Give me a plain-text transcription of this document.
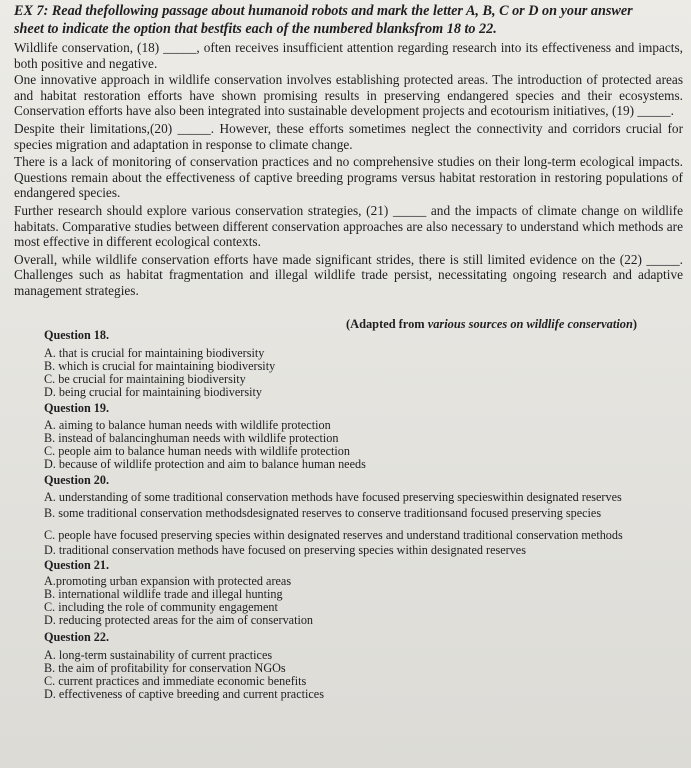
EX 7: Read thefollowing passage about humanoid robots and mark the letter A, B, C or D on your answer
sheet to indicate the option that bestfits each of the numbered blanksfrom 18 to 22.

Wildlife conservation, (18) _____, often receives insufficient attention regarding research into its effectiveness and impacts, both positive and negative.

One innovative approach in wildlife conservation involves establishing protected areas. The introduction of protected areas and habitat restoration efforts have shown promising results in preserving endangered species and their ecosystems. Conservation efforts have also been integrated into sustainable development projects and ecotourism initiatives, (19) _____.

Despite their limitations,(20) _____. However, these efforts sometimes neglect the connectivity and corridors crucial for species migration and adaptation in response to climate change.

There is a lack of monitoring of conservation practices and no comprehensive studies on their long-term ecological impacts. Questions remain about the effectiveness of captive breeding programs versus habitat restoration in restoring populations of endangered species.

Further research should explore various conservation strategies, (21) _____ and the impacts of climate change on wildlife habitats. Comparative studies between different conservation approaches are also necessary to understand which methods are most effective in different ecological contexts.

Overall, while wildlife conservation efforts have made significant strides, there is still limited evidence on the (22) _____. Challenges such as habitat fragmentation and illegal wildlife trade persist, necessitating ongoing research and adaptive management strategies.

(Adapted from various sources on wildlife conservation)
Question 18.
A. that is crucial for maintaining biodiversity
B. which is crucial for maintaining biodiversity
C. be crucial for maintaining biodiversity
D. being crucial for maintaining biodiversity
Question 19.
A. aiming to balance human needs with wildlife protection
B. instead of balancinghuman needs with wildlife protection
C. people aim to balance human needs with wildlife protection
D. because of wildlife protection and aim to balance human needs
Question 20.
A. understanding of some traditional conservation methods have focused preserving specieswithin designated reserves
B. some traditional conservation methodsdesignated reserves to conserve traditionsand focused preserving species
C. people have focused preserving species within designated reserves and understand traditional conservation methods
D. traditional conservation methods have focused on preserving species within designated reserves
Question 21.
A.promoting urban expansion with protected areas
B. international wildlife trade and illegal hunting
C. including the role of community engagement
D. reducing protected areas for the aim of conservation
Question 22.
A. long-term sustainability of current practices
B. the aim of profitability for conservation NGOs
C. current practices and immediate economic benefits
D. effectiveness of captive breeding and current practices
